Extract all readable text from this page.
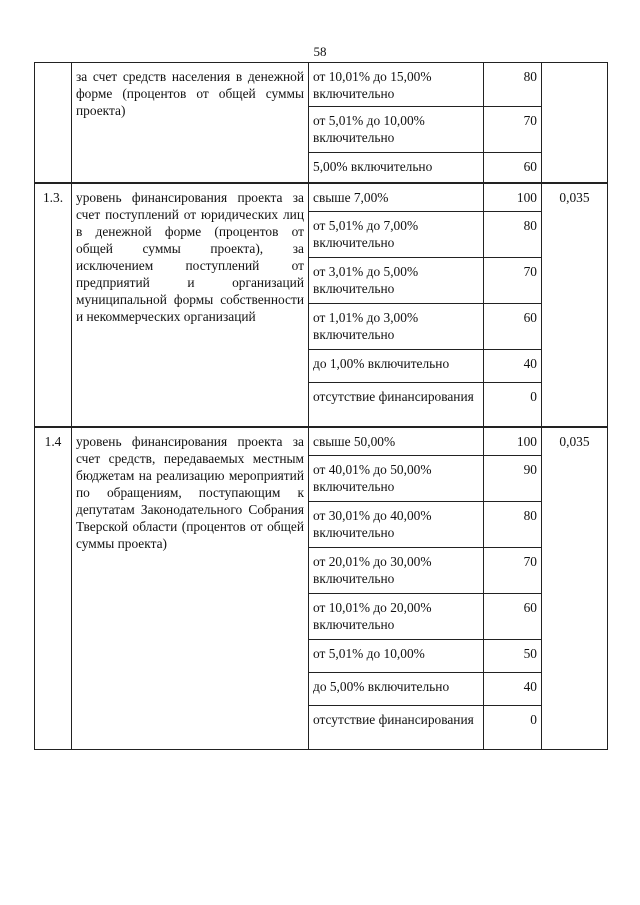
58
	за счет средств населения в денежной форме (процентов от общей суммы проекта)	от 10,01% до 15,00% включительно	80	
		от 5,01% до 10,00% включительно	70	
		5,00% включительно	60	
1.3.	уровень финансирования проекта за счет поступлений от юридических лиц в денежной форме (процентов от общей суммы проекта), за исключением поступлений от предприятий и организаций муниципальной формы собственности и некоммерческих организаций	свыше 7,00%	100	0,035
		от 5,01% до 7,00% включительно	80	
		от 3,01% до 5,00% включительно	70	
		от 1,01% до 3,00% включительно	60	
		до 1,00% включительно	40	
		отсутствие финансирования	0	
1.4	уровень финансирования проекта за счет средств, передаваемых местным бюджетам на реализацию мероприятий по обращениям, поступающим к депутатам Законодательного Собрания Тверской области (процентов от общей суммы проекта)	свыше 50,00%	100	0,035
		от 40,01% до 50,00% включительно	90	
		от 30,01% до 40,00% включительно	80	
		от 20,01% до 30,00% включительно	70	
		от 10,01% до 20,00% включительно	60	
		от 5,01% до 10,00%	50	
		до 5,00% включительно	40	
		отсутствие финансирования	0	
